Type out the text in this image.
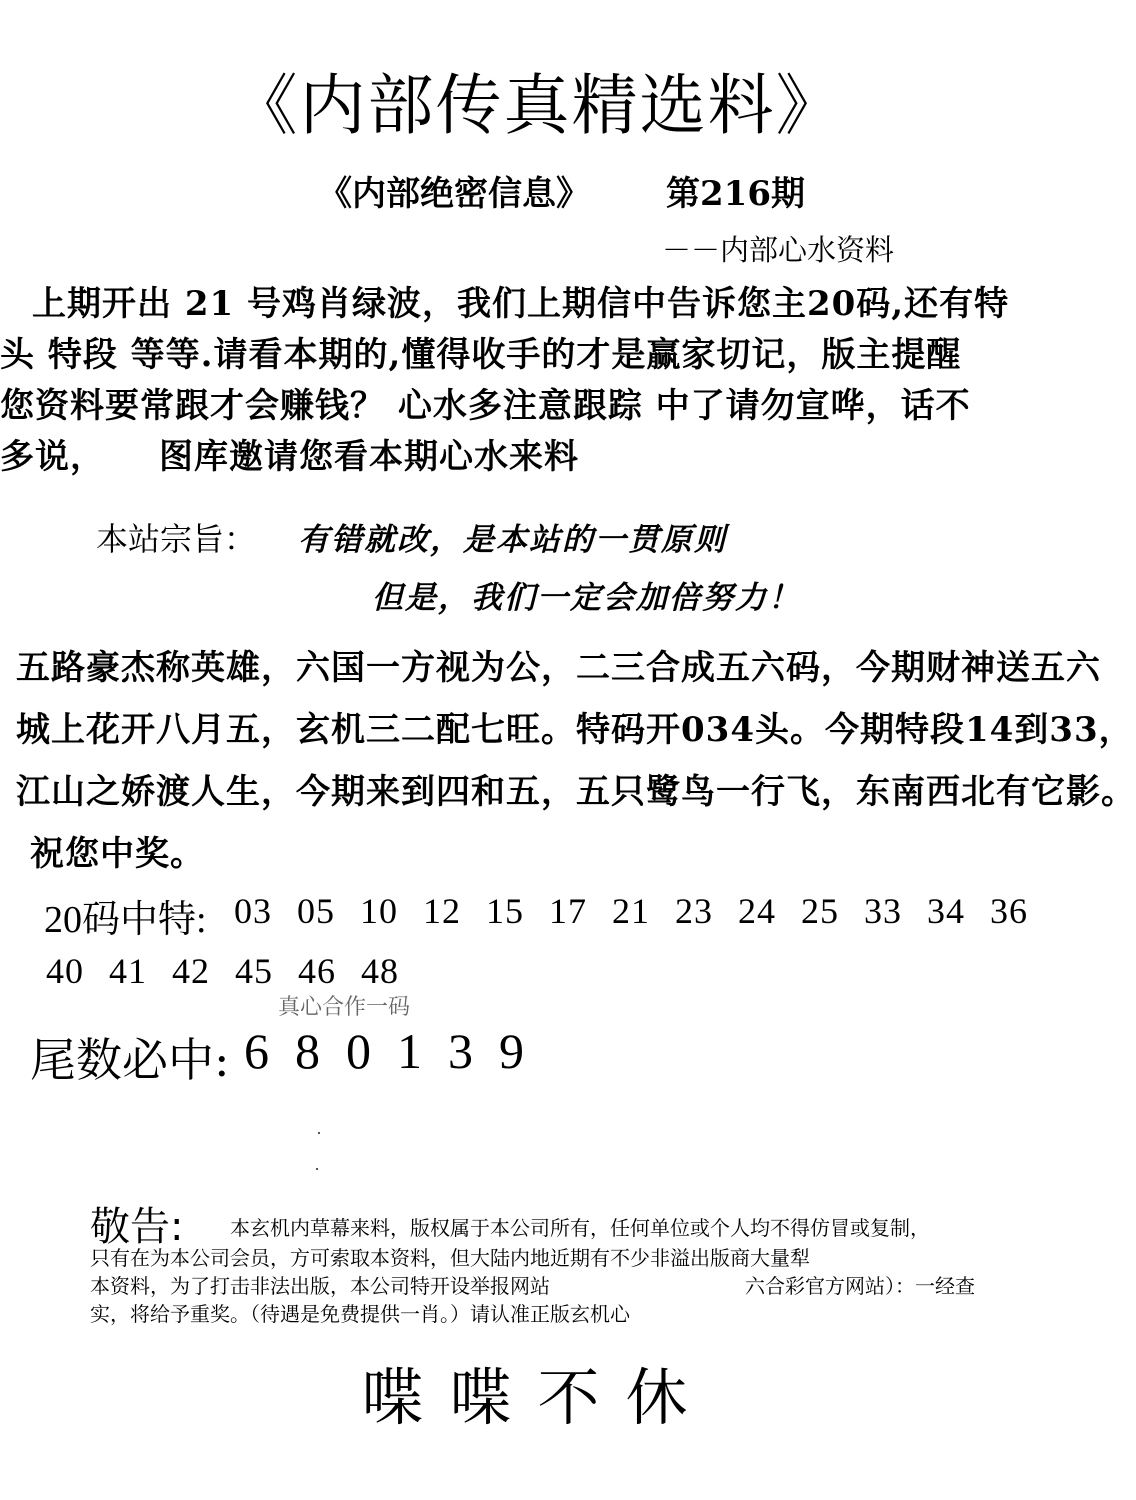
《内部传真精选料》
《内部绝密信息》 第216期
－－内部心水资料
上期开出 21 号鸡肖绿波，我们上期信中告诉您主20码,还有特
头 特段 等等.请看本期的,懂得收手的才是赢家切记，版主提醒
您资料要常跟才会赚钱？ 心水多注意跟踪 中了请勿宣哗，话不
多说， 图库邀请您看本期心水来料
本站宗旨： 有错就改，是本站的一贯原则
但是，我们一定会加倍努力！
五路豪杰称英雄，六国一方视为公，二三合成五六码，今期财神送五六
城上花开八月五，玄机三二配七旺。特码开034头。今期特段14到33，
江山之娇渡人生，今期来到四和五，五只鹭鸟一行飞，东南西北有它影。
祝您中奖。
20码中特: 03 05 10 12 15 17 21 23 24 25 33 34 36
40 41 42 45 46 48
真心合作一码
尾数必中: 6 8 0 1 3 9
敬告: 本玄机内草幕来料，版权属于本公司所有，任何单位或个人均不得仿冒或复制，
只有在为本公司会员，方可索取本资料，但大陆内地近期有不少非溢出版商大量犁
本资料，为了打击非法出版，本公司特开设举报网站	六合彩官方网站）：一经查
实，将给予重奖。（待遇是免费提供一肖。）请认准正版玄机心
喋喋不休
